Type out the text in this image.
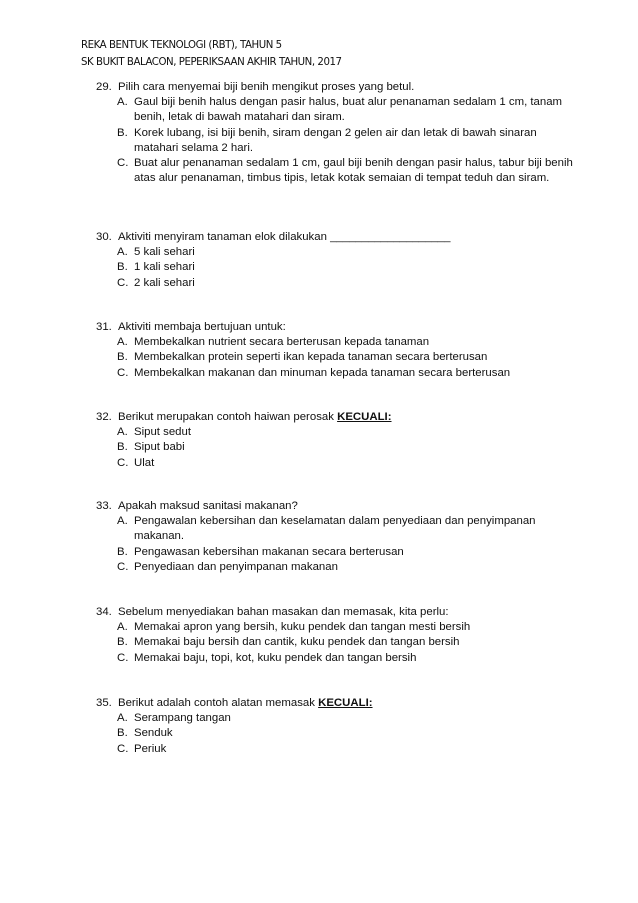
REKA BENTUK TEKNOLOGI (RBT), TAHUN 5
SK BUKIT BALACON, PEPERIKSAAN AKHIR TAHUN, 2017
29. Pilih cara menyemai biji benih mengikut proses yang betul.
A. Gaul biji benih halus dengan pasir halus, buat alur penanaman sedalam 1 cm, tanam benih, letak di bawah matahari dan siram.
B. Korek lubang, isi biji benih, siram dengan 2 gelen air dan letak di bawah sinaran matahari selama 2 hari.
C. Buat alur penanaman sedalam 1 cm, gaul biji benih dengan pasir halus, tabur biji benih atas alur penanaman, timbus tipis, letak kotak semaian di tempat teduh dan siram.
30. Aktiviti menyiram tanaman elok dilakukan ___________________
A. 5 kali sehari
B. 1 kali sehari
C. 2 kali sehari
31. Aktiviti membaja bertujuan untuk:
A. Membekalkan nutrient secara berterusan kepada tanaman
B. Membekalkan protein seperti ikan kepada tanaman secara berterusan
C. Membekalkan makanan dan minuman kepada tanaman secara berterusan
32. Berikut merupakan contoh haiwan perosak KECUALI:
A. Siput sedut
B. Siput babi
C. Ulat
33. Apakah maksud sanitasi makanan?
A. Pengawalan kebersihan dan keselamatan dalam penyediaan dan penyimpanan makanan.
B. Pengawasan kebersihan makanan secara berterusan
C. Penyediaan dan penyimpanan makanan
34. Sebelum menyediakan bahan masakan dan memasak, kita perlu:
A. Memakai apron yang bersih, kuku pendek dan tangan mesti bersih
B. Memakai baju bersih dan cantik, kuku pendek dan tangan bersih
C. Memakai baju, topi, kot, kuku pendek dan tangan bersih
35. Berikut adalah contoh alatan memasak KECUALI:
A. Serampang tangan
B. Senduk
C. Periuk
